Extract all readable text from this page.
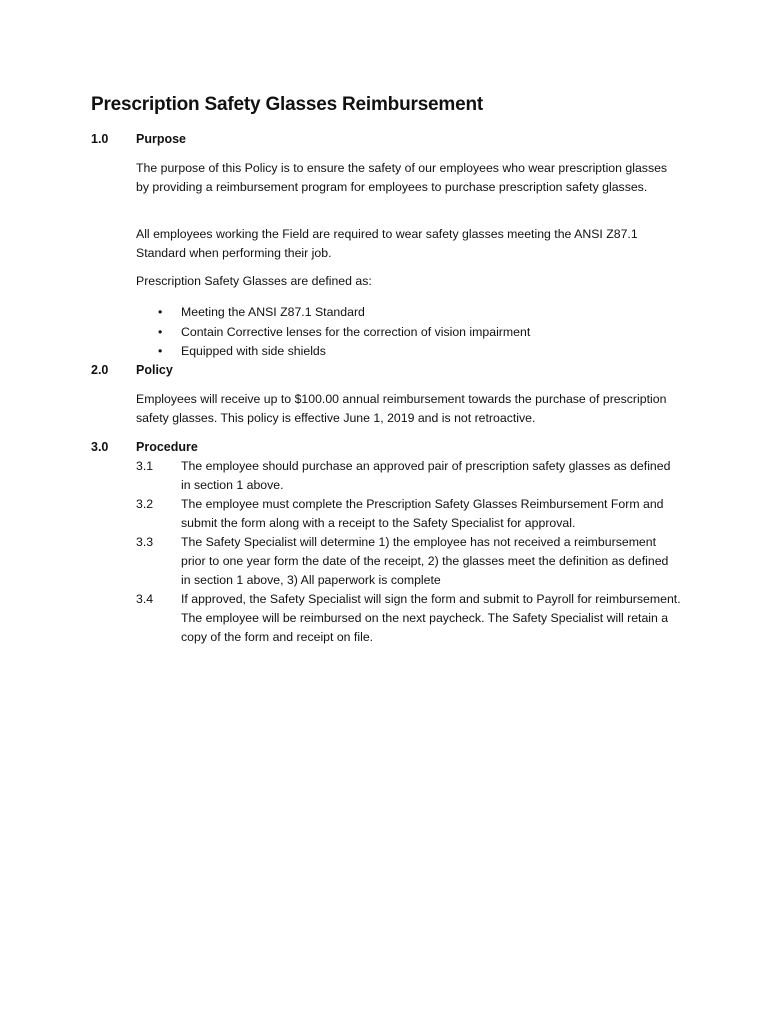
Prescription Safety Glasses Reimbursement
1.0 Purpose

The purpose of this Policy is to ensure the safety of our employees who wear prescription glasses by providing a reimbursement program for employees to purchase prescription safety glasses.

All employees working the Field are required to wear safety glasses meeting the ANSI Z87.1 Standard when performing their job.

Prescription Safety Glasses are defined as:

• Meeting the ANSI Z87.1 Standard
• Contain Corrective lenses for the correction of vision impairment
• Equipped with side shields
2.0 Policy

Employees will receive up to $100.00 annual reimbursement towards the purchase of prescription safety glasses. This policy is effective June 1, 2019 and is not retroactive.

3.0 Procedure
3.1 The employee should purchase an approved pair of prescription safety glasses as defined in section 1 above.
3.2 The employee must complete the Prescription Safety Glasses Reimbursement Form and submit the form along with a receipt to the Safety Specialist for approval.
3.3 The Safety Specialist will determine 1) the employee has not received a reimbursement prior to one year form the date of the receipt, 2) the glasses meet the definition as defined in section 1 above, 3) All paperwork is complete
3.4 If approved, the Safety Specialist will sign the form and submit to Payroll for reimbursement. The employee will be reimbursed on the next paycheck. The Safety Specialist will retain a copy of the form and receipt on file.
